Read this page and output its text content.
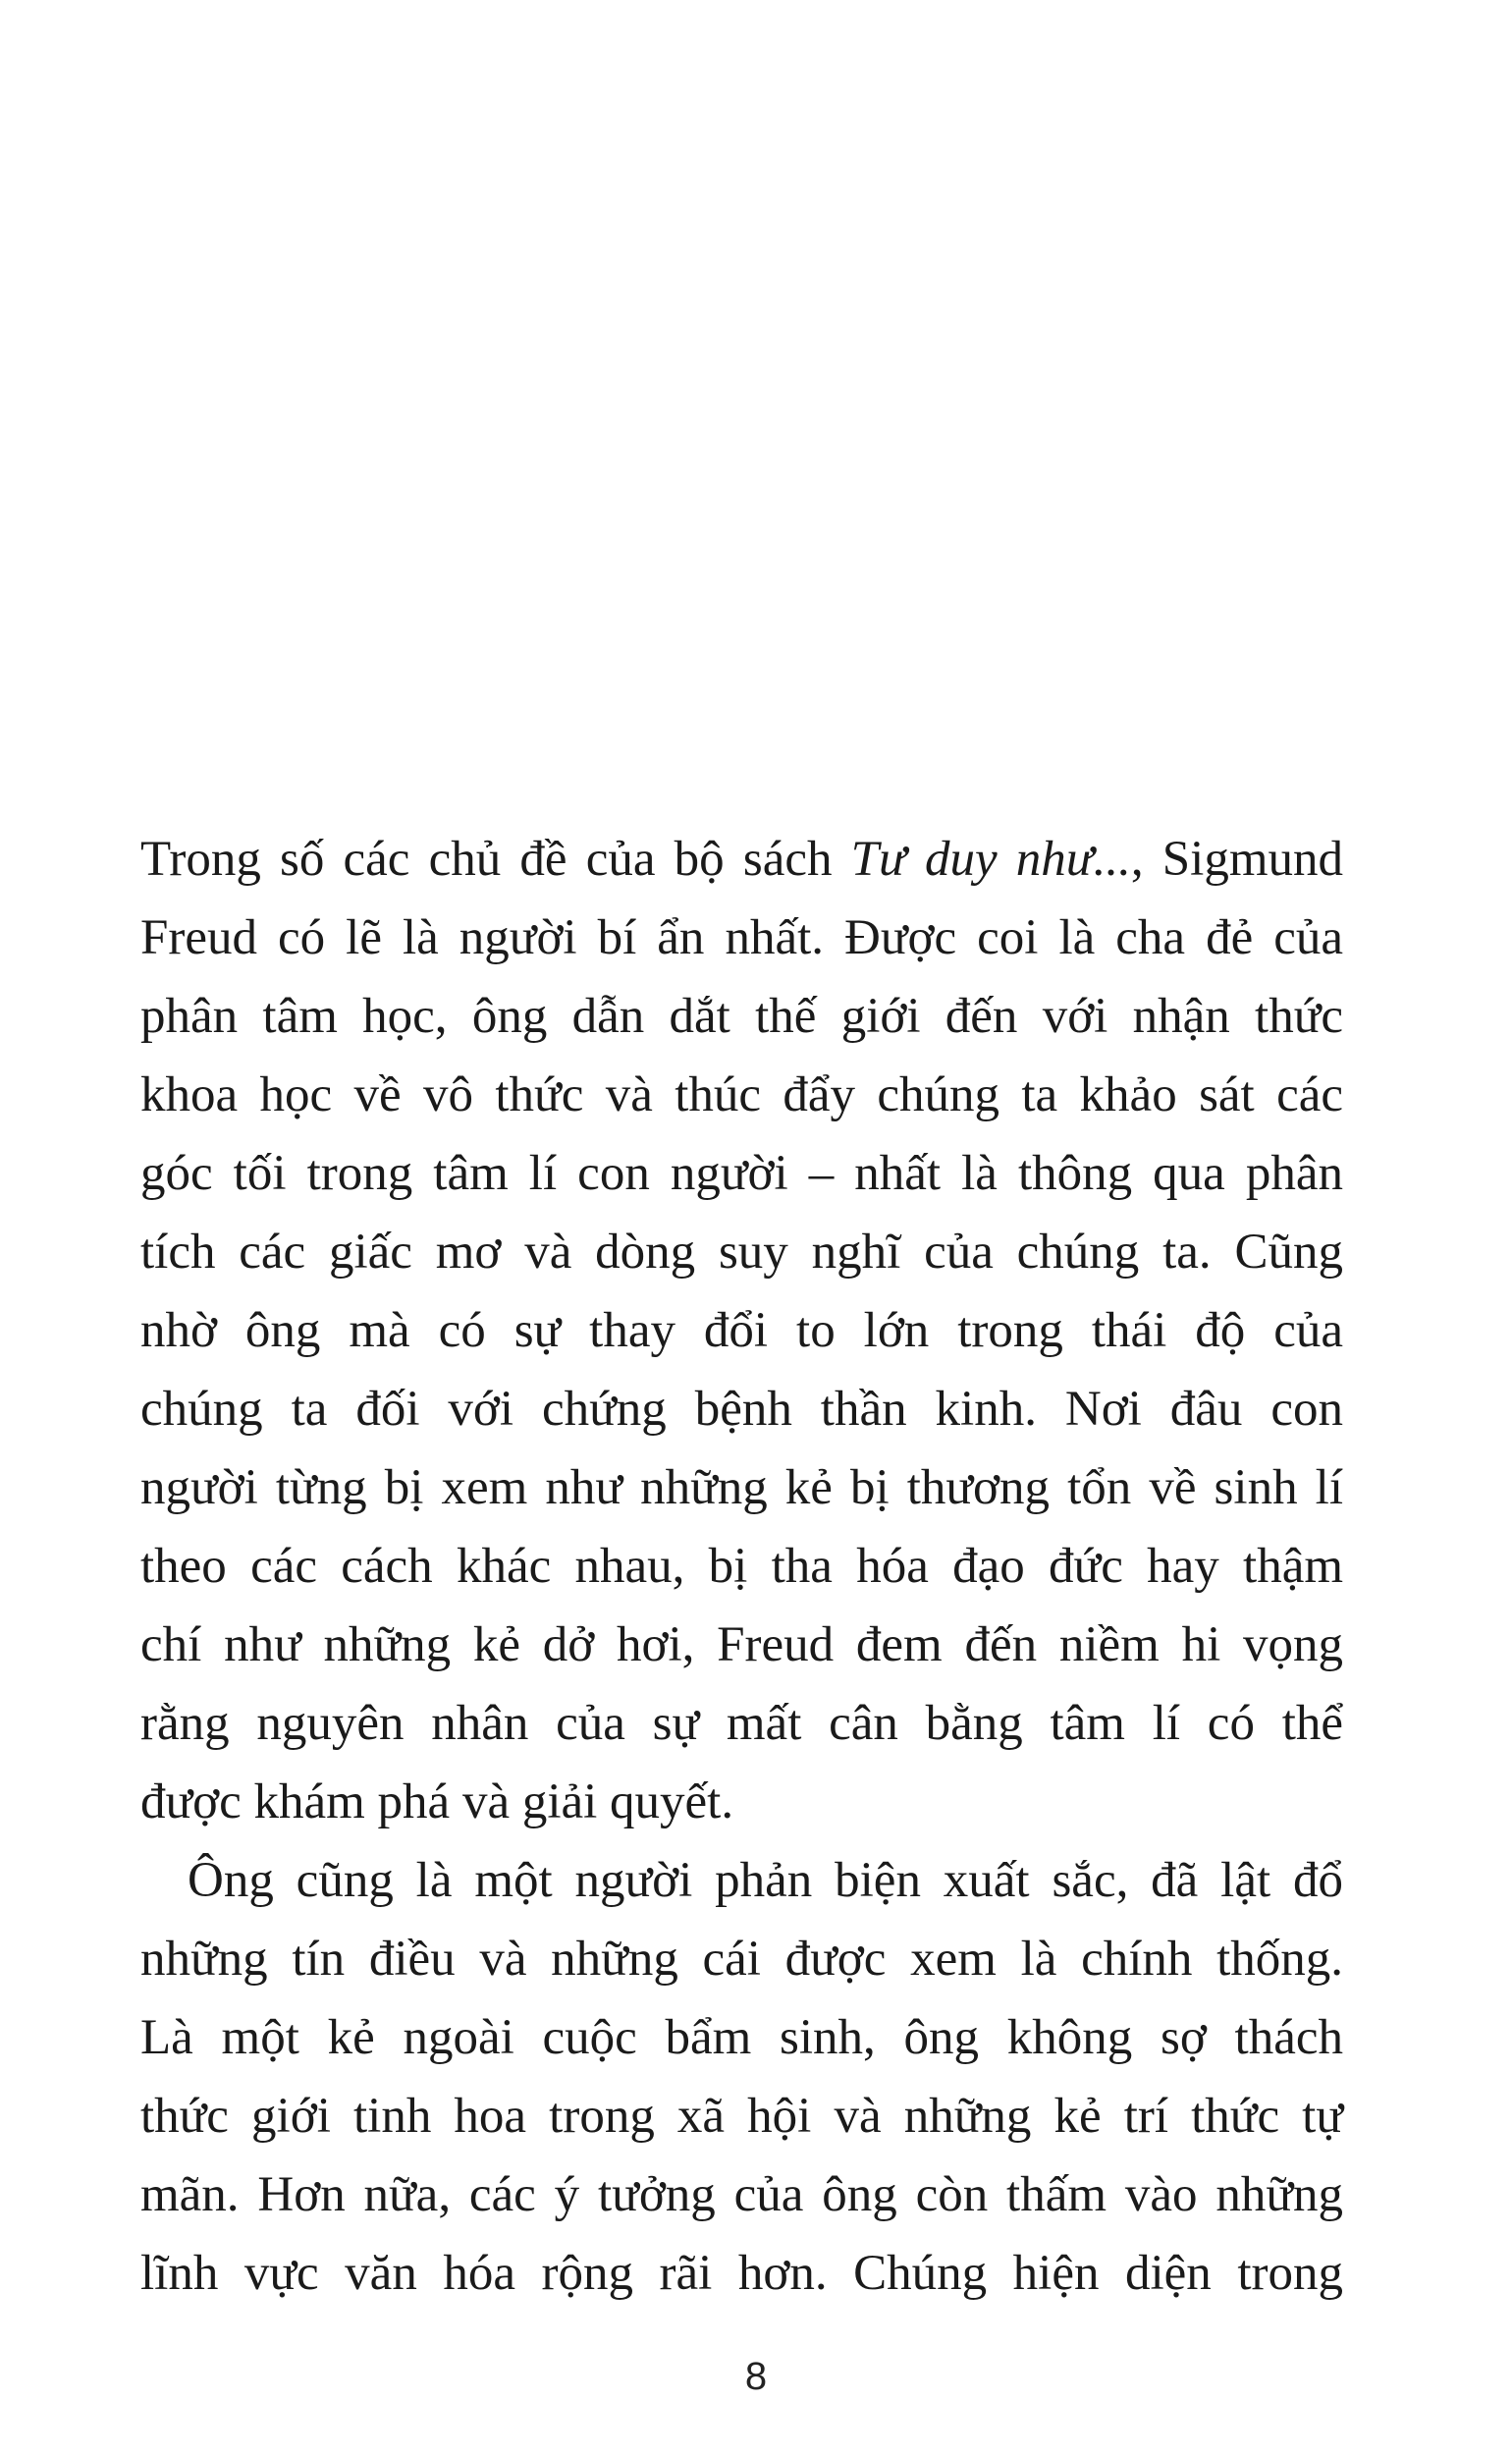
Trong số các chủ đề của bộ sách Tư duy như..., Sigmund
Freud có lẽ là người bí ẩn nhất. Được coi là cha đẻ của
phân tâm học, ông dẫn dắt thế giới đến với nhận thức
khoa học về vô thức và thúc đẩy chúng ta khảo sát các
góc tối trong tâm lí con người – nhất là thông qua phân
tích các giấc mơ và dòng suy nghĩ của chúng ta. Cũng
nhờ ông mà có sự thay đổi to lớn trong thái độ của
chúng ta đối với chứng bệnh thần kinh. Nơi đâu con
người từng bị xem như những kẻ bị thương tổn về sinh lí
theo các cách khác nhau, bị tha hóa đạo đức hay thậm
chí như những kẻ dở hơi, Freud đem đến niềm hi vọng
rằng nguyên nhân của sự mất cân bằng tâm lí có thể
được khám phá và giải quyết.
Ông cũng là một người phản biện xuất sắc, đã lật đổ
những tín điều và những cái được xem là chính thống.
Là một kẻ ngoài cuộc bẩm sinh, ông không sợ thách
thức giới tinh hoa trong xã hội và những kẻ trí thức tự
mãn. Hơn nữa, các ý tưởng của ông còn thấm vào những
lĩnh vực văn hóa rộng rãi hơn. Chúng hiện diện trong
8
